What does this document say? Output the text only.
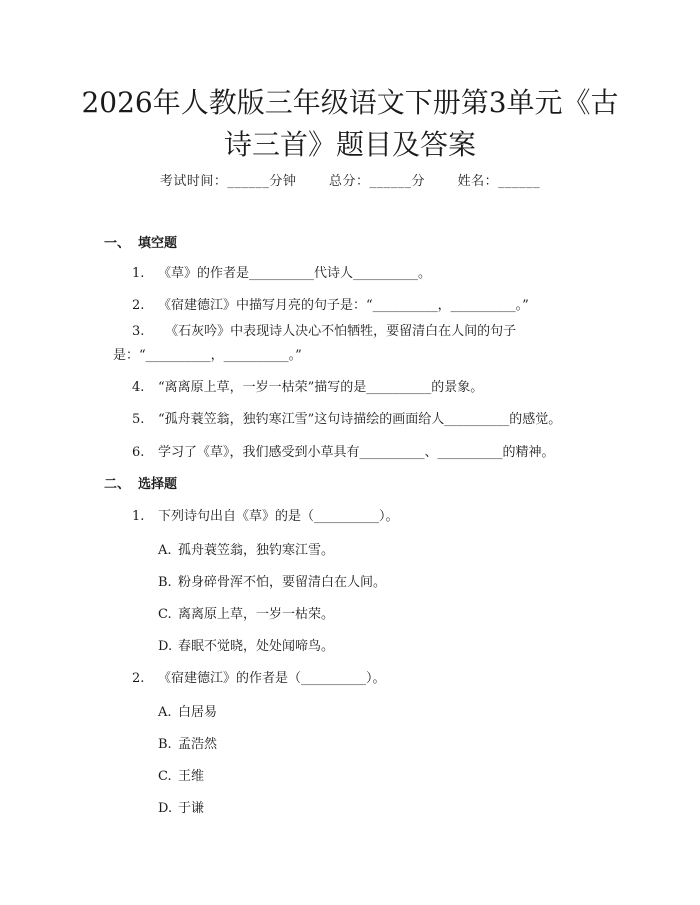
2026年人教版三年级语文下册第3单元《古
诗三首》题目及答案
考试时间：______分钟	总分：______分	姓名：______
一、 填空题
1. 《草》的作者是__________代诗人__________。
2. 《宿建德江》中描写月亮的句子是：“__________，__________。”
3. 《石灰吟》中表现诗人决心不怕牺牲，要留清白在人间的句子是：“__________，__________。”
4. “离离原上草，一岁一枯荣”描写的是__________的景象。
5. “孤舟蓑笠翁，独钓寒江雪”这句诗描绘的画面给人__________的感觉。
6. 学习了《草》，我们感受到小草具有__________、__________的精神。
二、 选择题
1. 下列诗句出自《草》的是（__________）。
A. 孤舟蓑笠翁，独钓寒江雪。
B. 粉身碎骨浑不怕，要留清白在人间。
C. 离离原上草，一岁一枯荣。
D. 春眠不觉晓，处处闻啼鸟。
2. 《宿建德江》的作者是（__________）。
A. 白居易
B. 孟浩然
C. 王维
D. 于谦
